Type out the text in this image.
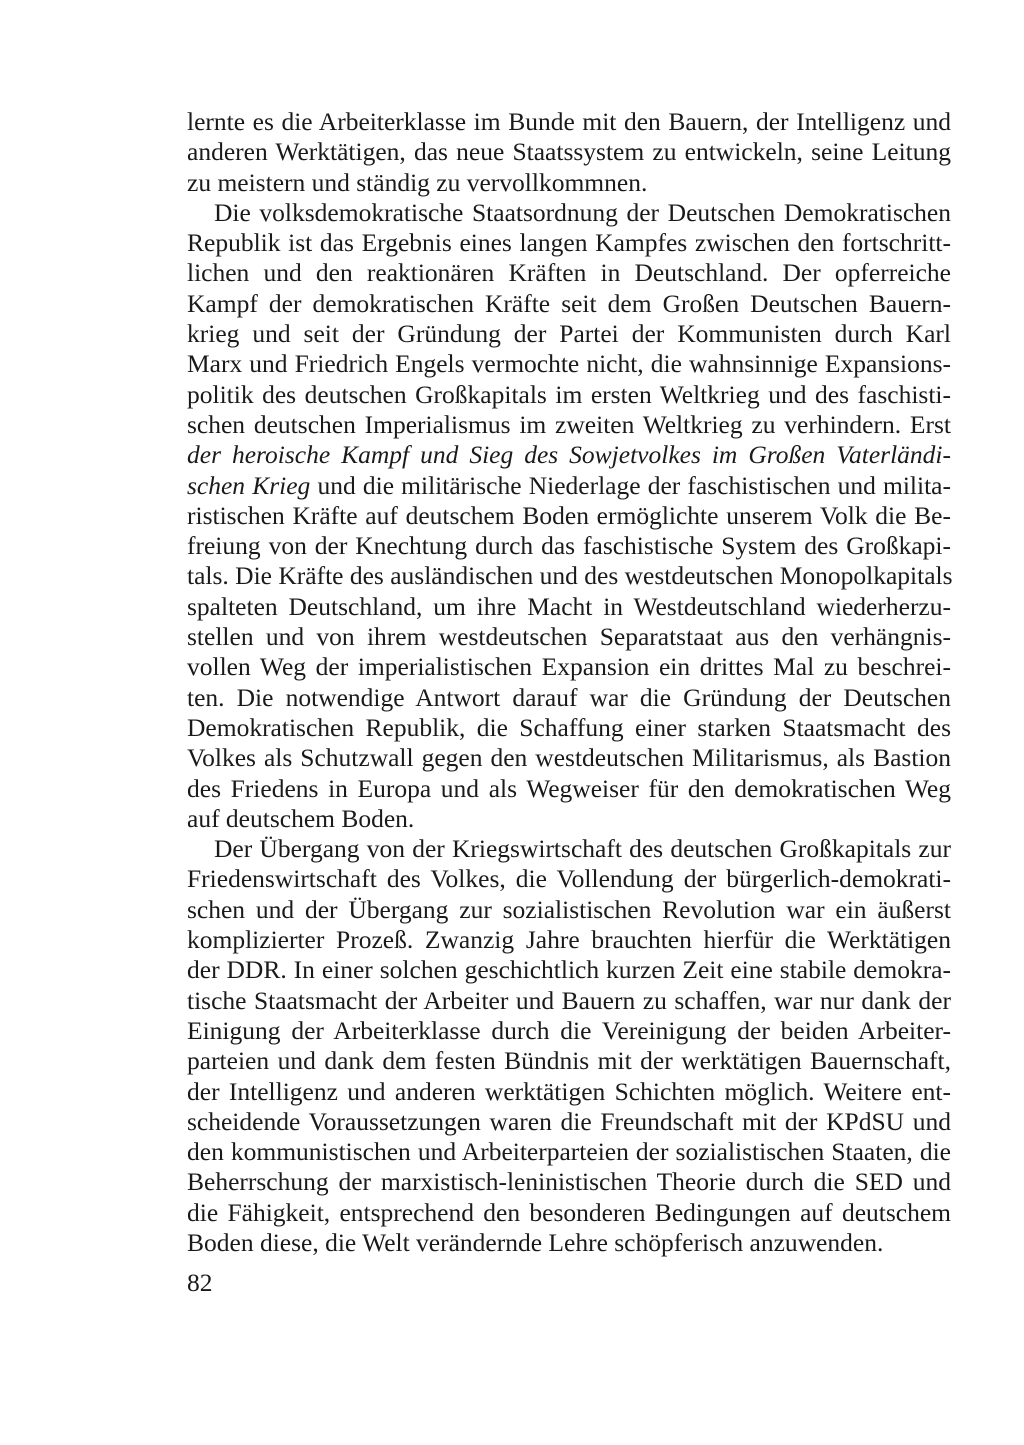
lernte es die Arbeiterklasse im Bunde mit den Bauern, der Intelligenz und
anderen Werktätigen, das neue Staatssystem zu entwickeln, seine Leitung
zu meistern und ständig zu vervollkommnen.
Die volksdemokratische Staatsordnung der Deutschen Demokratischen
Republik ist das Ergebnis eines langen Kampfes zwischen den fortschritt-
lichen und den reaktionären Kräften in Deutschland. Der opferreiche
Kampf der demokratischen Kräfte seit dem Großen Deutschen Bauern-
krieg und seit der Gründung der Partei der Kommunisten durch Karl
Marx und Friedrich Engels vermochte nicht, die wahnsinnige Expansions-
politik des deutschen Großkapitals im ersten Weltkrieg und des faschisti-
schen deutschen Imperialismus im zweiten Weltkrieg zu verhindern. Erst
der heroische Kampf und Sieg des Sowjetvolkes im Großen Vaterländi-
schen Krieg und die militärische Niederlage der faschistischen und milita-
ristischen Kräfte auf deutschem Boden ermöglichte unserem Volk die Be-
freiung von der Knechtung durch das faschistische System des Großkapi-
tals. Die Kräfte des ausländischen und des westdeutschen Monopolkapitals
spalteten Deutschland, um ihre Macht in Westdeutschland wiederherzu-
stellen und von ihrem westdeutschen Separatstaat aus den verhängnis-
vollen Weg der imperialistischen Expansion ein drittes Mal zu beschrei-
ten. Die notwendige Antwort darauf war die Gründung der Deutschen
Demokratischen Republik, die Schaffung einer starken Staatsmacht des
Volkes als Schutzwall gegen den westdeutschen Militarismus, als Bastion
des Friedens in Europa und als Wegweiser für den demokratischen Weg
auf deutschem Boden.
Der Übergang von der Kriegswirtschaft des deutschen Großkapitals zur
Friedenswirtschaft des Volkes, die Vollendung der bürgerlich-demokrati-
schen und der Übergang zur sozialistischen Revolution war ein äußerst
komplizierter Prozeß. Zwanzig Jahre brauchten hierfür die Werktätigen
der DDR. In einer solchen geschichtlich kurzen Zeit eine stabile demokra-
tische Staatsmacht der Arbeiter und Bauern zu schaffen, war nur dank der
Einigung der Arbeiterklasse durch die Vereinigung der beiden Arbeiter-
parteien und dank dem festen Bündnis mit der werktätigen Bauernschaft,
der Intelligenz und anderen werktätigen Schichten möglich. Weitere ent-
scheidende Voraussetzungen waren die Freundschaft mit der KPdSU und
den kommunistischen und Arbeiterparteien der sozialistischen Staaten, die
Beherrschung der marxistisch-leninistischen Theorie durch die SED und
die Fähigkeit, entsprechend den besonderen Bedingungen auf deutschem
Boden diese, die Welt verändernde Lehre schöpferisch anzuwenden.
82
